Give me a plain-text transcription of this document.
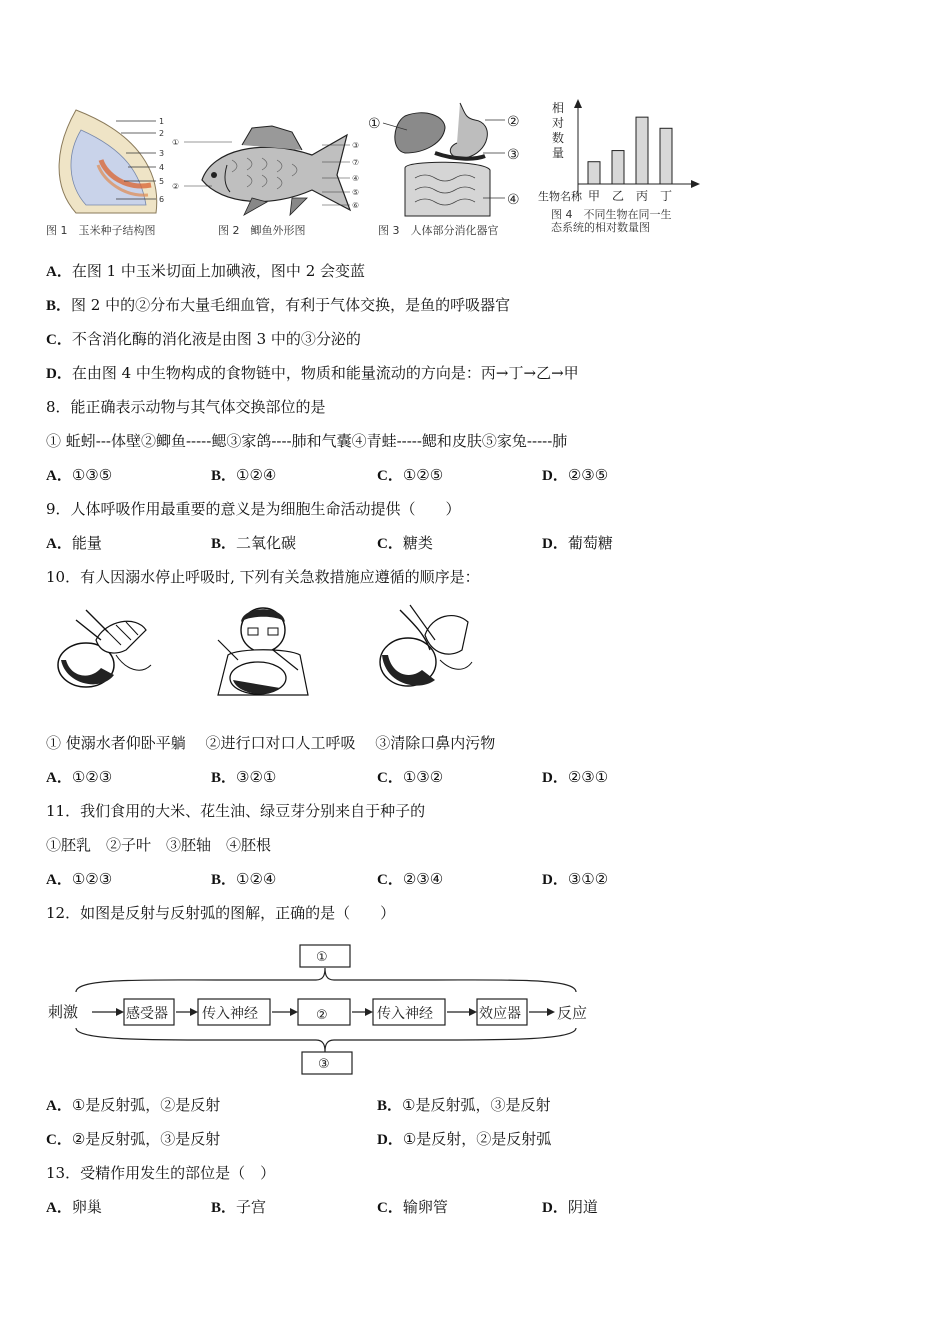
1
2
3
4
5
6
图 1　玉米种子结构图
①
②
③
⑦
④
⑤
⑥
图 2　鲫鱼外形图
①	②
③
④
图 3　人体部分消化器官
相
对
数
量
生物名称 甲 乙 丙 丁
图 4　不同生物在同一生
态系统的相对数量图
A．在图 1 中玉米切面上加碘液，图中 2 会变蓝
B．图 2 中的②分布大量毛细血管，有利于气体交换，是鱼的呼吸器官
C．不含消化酶的消化液是由图 3 中的③分泌的
D．在由图 4 中生物构成的食物链中，物质和能量流动的方向是：丙→丁→乙→甲
8．能正确表示动物与其气体交换部位的是
① 蚯蚓---体壁②鲫鱼-----鳃③家鸽----肺和气囊④青蛙-----鳃和皮肤⑤家兔-----肺
A．①③⑤	B．①②④	C．①②⑤	D．②③⑤
9．人体呼吸作用最重要的意义是为细胞生命活动提供（　　）
A．能量	B．二氧化碳	C．糖类	D．葡萄糖
10．有人因溺水停止呼吸时, 下列有关急救措施应遵循的顺序是：
① 使溺水者仰卧平躺　 ②进行口对口人工呼吸　 ③清除口鼻内污物
A．①②③	B．③②①	C．①③②	D．②③①
11．我们食用的大米、花生油、绿豆芽分别来自于种子的
①胚乳　②子叶　③胚轴　④胚根
A．①②③	B．①②④	C．②③④	D．③①②
12．如图是反射与反射弧的图解，正确的是（　　）
①
刺激	感受器 传入神经	②	传入神经	效应器 反应
③
A．①是反射弧，②是反射	B．①是反射弧，③是反射
C．②是反射弧，③是反射	D．①是反射，②是反射弧
13．受精作用发生的部位是（　）
A．卵巢	B．子宫	C．输卵管	D．阴道
